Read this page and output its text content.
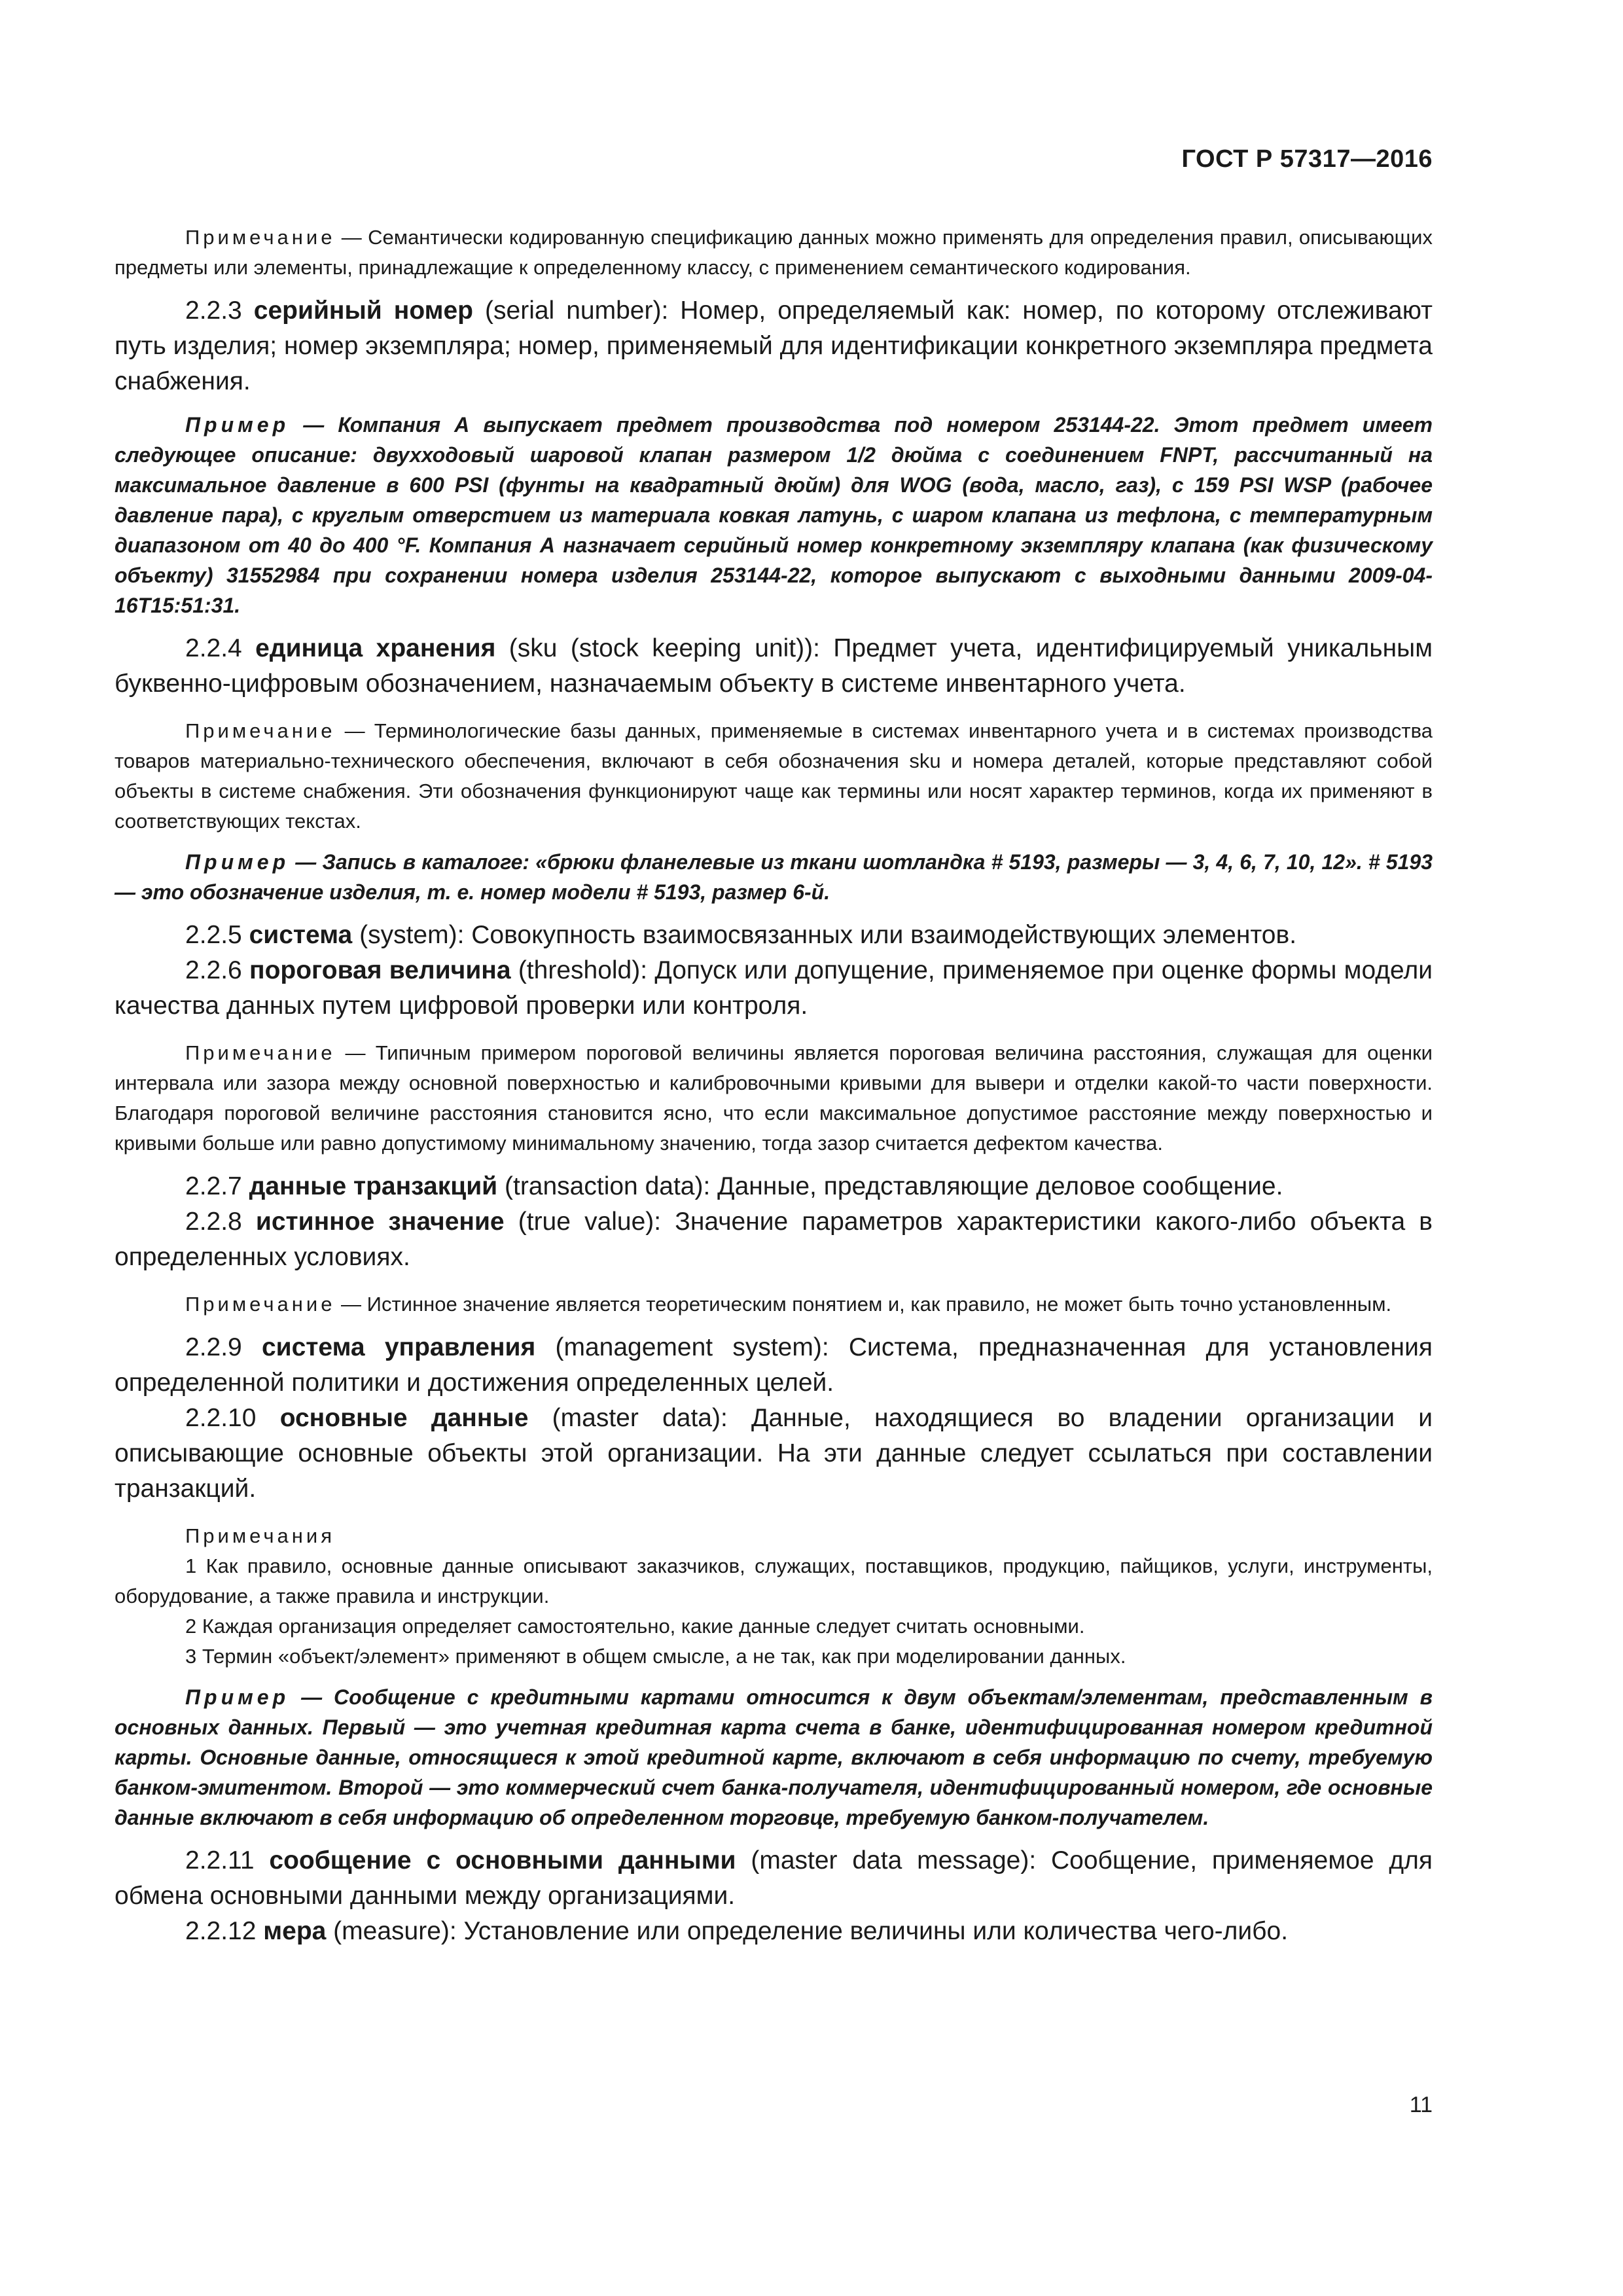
ГОСТ Р 57317—2016

Примечание — Семантически кодированную спецификацию данных можно применять для определения правил, описывающих предметы или элементы, принадлежащие к определенному классу, с применением семантического кодирования.

2.2.3 серийный номер (serial number): Номер, определяемый как: номер, по которому отслеживают путь изделия; номер экземпляра; номер, применяемый для идентификации конкретного экземпляра предмета снабжения.

Пример — Компания А выпускает предмет производства под номером 253144-22. Этот предмет имеет следующее описание: двухходовый шаровой клапан размером 1/2 дюйма с соединением FNPT, рассчитанный на максимальное давление в 600 PSI (фунты на квадратный дюйм) для WOG (вода, масло, газ), с 159 PSI WSP (рабочее давление пара), с круглым отверстием из материала ковкая латунь, с шаром клапана из тефлона, с температурным диапазоном от 40 до 400 °F. Компания А назначает серийный номер конкретному экземпляру клапана (как физическому объекту) 31552984 при сохранении номера изделия 253144-22, которое выпускают с выходными данными 2009-04-16T15:51:31.

2.2.4 единица хранения (sku (stock keeping unit)): Предмет учета, идентифицируемый уникальным буквенно-цифровым обозначением, назначаемым объекту в системе инвентарного учета.

Примечание — Терминологические базы данных, применяемые в системах инвентарного учета и в системах производства товаров материально-технического обеспечения, включают в себя обозначения sku и номера деталей, которые представляют собой объекты в системе снабжения. Эти обозначения функционируют чаще как термины или носят характер терминов, когда их применяют в соответствующих текстах.

Пример — Запись в каталоге: «брюки фланелевые из ткани шотландка # 5193, размеры — 3, 4, 6, 7, 10, 12». # 5193 — это обозначение изделия, т. е. номер модели # 5193, размер 6-й.

2.2.5 система (system): Совокупность взаимосвязанных или взаимодействующих элементов.

2.2.6 пороговая величина (threshold): Допуск или допущение, применяемое при оценке формы модели качества данных путем цифровой проверки или контроля.

Примечание — Типичным примером пороговой величины является пороговая величина расстояния, служащая для оценки интервала или зазора между основной поверхностью и калибровочными кривыми для вывери и отделки какой-то части поверхности. Благодаря пороговой величине расстояния становится ясно, что если максимальное допустимое расстояние между поверхностью и кривыми больше или равно допустимому минимальному значению, тогда зазор считается дефектом качества.

2.2.7 данные транзакций (transaction data): Данные, представляющие деловое сообщение.

2.2.8 истинное значение (true value): Значение параметров характеристики какого-либо объекта в определенных условиях.

Примечание — Истинное значение является теоретическим понятием и, как правило, не может быть точно установленным.

2.2.9 система управления (management system): Система, предназначенная для установления определенной политики и достижения определенных целей.

2.2.10 основные данные (master data): Данные, находящиеся во владении организации и описывающие основные объекты этой организации. На эти данные следует ссылаться при составлении транзакций.

Примечания

1 Как правило, основные данные описывают заказчиков, служащих, поставщиков, продукцию, пайщиков, услуги, инструменты, оборудование, а также правила и инструкции.

2 Каждая организация определяет самостоятельно, какие данные следует считать основными.

3 Термин «объект/элемент» применяют в общем смысле, а не так, как при моделировании данных.

Пример — Сообщение с кредитными картами относится к двум объектам/элементам, представленным в основных данных. Первый — это учетная кредитная карта счета в банке, идентифицированная номером кредитной карты. Основные данные, относящиеся к этой кредитной карте, включают в себя информацию по счету, требуемую банком-эмитентом. Второй — это коммерческий счет банка-получателя, идентифицированный номером, где основные данные включают в себя информацию об определенном торговце, требуемую банком-получателем.

2.2.11 сообщение с основными данными (master data message): Сообщение, применяемое для обмена основными данными между организациями.

2.2.12 мера (measure): Установление или определение величины или количества чего-либо.

11
